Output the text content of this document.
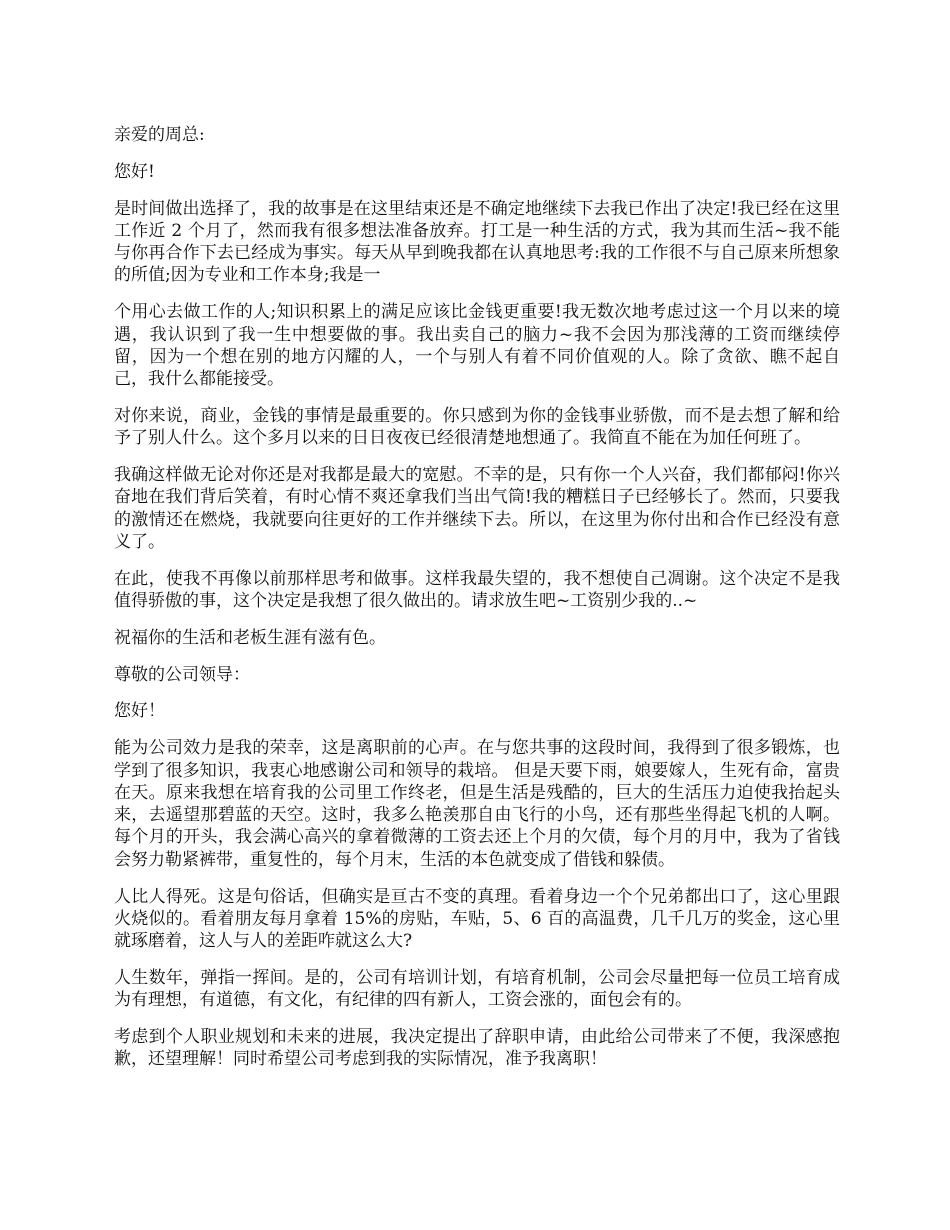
亲爱的周总:

您好!

是时间做出选择了，我的故事是在这里结束还是不确定地继续下去我已作出了决定!我已经在这里工作近 2 个月了，然而我有很多想法准备放弃。打工是一种生活的方式，我为其而生活~我不能与你再合作下去已经成为事实。每天从早到晚我都在认真地思考:我的工作很不与自己原来所想象的所值;因为专业和工作本身;我是一

个用心去做工作的人;知识积累上的满足应该比金钱更重要!我无数次地考虑过这一个月以来的境遇，我认识到了我一生中想要做的事。我出卖自己的脑力~我不会因为那浅薄的工资而继续停留，因为一个想在别的地方闪耀的人，一个与别人有着不同价值观的人。除了贪欲、瞧不起自己，我什么都能接受。

对你来说，商业，金钱的事情是最重要的。你只感到为你的金钱事业骄傲，而不是去想了解和给予了别人什么。这个多月以来的日日夜夜已经很清楚地想通了。我简直不能在为加任何班了。

我确这样做无论对你还是对我都是最大的宽慰。不幸的是，只有你一个人兴奋，我们都郁闷!你兴奋地在我们背后笑着，有时心情不爽还拿我们当出气筒!我的糟糕日子已经够长了。然而，只要我的激情还在燃烧，我就要向往更好的工作并继续下去。所以，在这里为你付出和合作已经没有意义了。

在此，使我不再像以前那样思考和做事。这样我最失望的，我不想使自己凋谢。这个决定不是我值得骄傲的事，这个决定是我想了很久做出的。请求放生吧~工资别少我的..~

祝福你的生活和老板生涯有滋有色。

尊敬的公司领导：

您好！

能为公司效力是我的荣幸，这是离职前的心声。在与您共事的这段时间，我得到了很多锻炼，也学到了很多知识，我衷心地感谢公司和领导的栽培。 但是天要下雨，娘要嫁人，生死有命，富贵在天。原来我想在培育我的公司里工作终老，但是生活是残酷的，巨大的生活压力迫使我抬起头来，去遥望那碧蓝的天空。这时，我多么艳羡那自由飞行的小鸟，还有那些坐得起飞机的人啊。每个月的开头，我会满心高兴的拿着微薄的工资去还上个月的欠债，每个月的月中，我为了省钱会努力勒紧裤带，重复性的，每个月末，生活的本色就变成了借钱和躲债。

人比人得死。这是句俗话，但确实是亘古不变的真理。看着身边一个个兄弟都出口了，这心里跟火烧似的。看着朋友每月拿着 15%的房贴，车贴，5、6 百的高温费，几千几万的奖金，这心里就琢磨着，这人与人的差距咋就这么大?

人生数年，弹指一挥间。是的，公司有培训计划，有培育机制，公司会尽量把每一位员工培育成为有理想，有道德，有文化，有纪律的四有新人，工资会涨的，面包会有的。

考虑到个人职业规划和未来的进展，我决定提出了辞职申请，由此给公司带来了不便，我深感抱歉，还望理解！同时希望公司考虑到我的实际情况，准予我离职！
